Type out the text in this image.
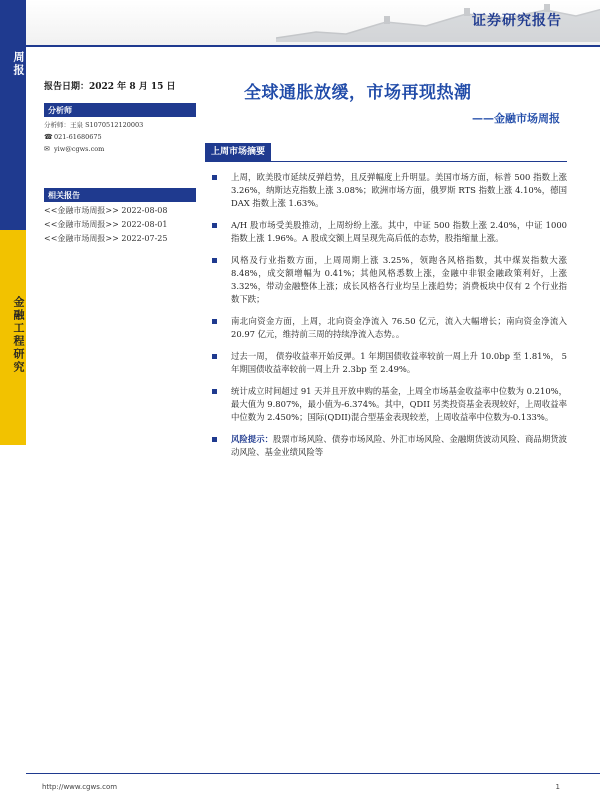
周报
金融工程研究
证券研究报告
报告日期：2022 年 8 月 15 日	全球通胀放缓，市场再现热潮
——金融市场周报
分析师
分析师：王泉 S1070512120003
☎ 021-61680675
✉ yiw@cgws.com
相关报告
<<金融市场周报>> 2022-08-08
<<金融市场周报>> 2022-08-01
<<金融市场周报>> 2022-07-25
上周市场摘要
上周，欧美股市延续反弹趋势，且反弹幅度上升明显。美国市场方面，标普 500 指数上涨 3.26%，纳斯达克指数上涨 3.08%；欧洲市场方面，俄罗斯 RTS 指数上涨 4.10%，德国 DAX 指数上涨 1.63%。
A/H 股市场受美股推动，上周纷纷上涨。其中，中证 500 指数上涨 2.40%，中证 1000 指数上涨 1.96%。A 股成交额上周呈现先高后低的态势，股指缩量上涨。
风格及行业指数方面，上周周期上涨 3.25%，领跑各风格指数，其中煤炭指数大涨 8.48%，成交额增幅为 0.41%；其他风格悉数上涨，金融中非银金融政策利好，上涨 3.32%，带动金融整体上涨；成长风格各行业均呈上涨趋势；消费板块中仅有 2 个行业指数下跌；
南北向资金方面，上周，北向资金净流入 76.50 亿元，流入大幅增长；南向资金净流入 20.97 亿元，维持前三周的持续净流入态势。。
过去一周， 债券收益率开始反弹。1 年期国债收益率较前一周上升 10.0bp 至 1.81%， 5 年期国债收益率较前一周上升 2.3bp 至 2.49%。
统计成立时间超过 91 天并且开放申购的基金，上周全市场基金收益率中位数为 0.210%，最大值为 9.807%，最小值为-6.374%。其中，QDII 另类投资基金表现较好，上周收益率中位数为 2.450%；国际(QDII)混合型基金表现较差，上周收益率中位数为-0.133%。
风险提示：股票市场风险、债券市场风险、外汇市场风险、金融期货波动风险、商品期货波动风险、基金业绩风险等
http://www.cgws.com	1
